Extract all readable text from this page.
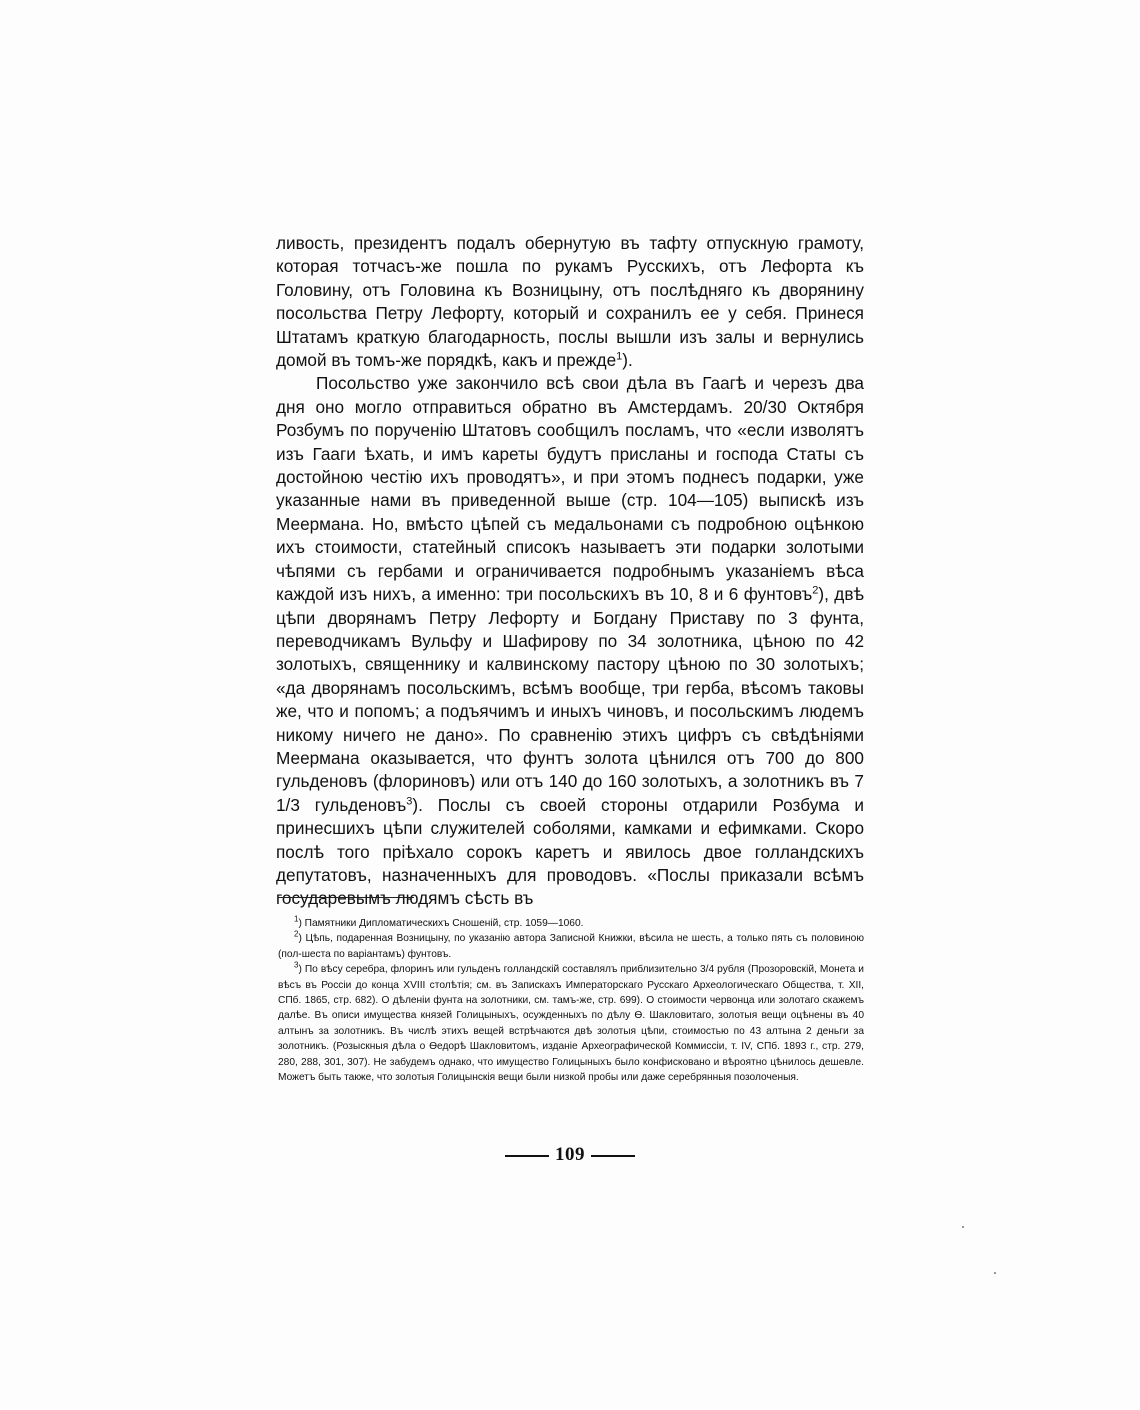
ливость, президентъ подалъ обернутую въ тафту отпускную грамоту, которая тотчасъ-же пошла по рукамъ Русскихъ, отъ Лефорта къ Головину, отъ Головина къ Возницыну, отъ послѣдняго къ дворянину посольства Петру Лефорту, который и сохранилъ ее у себя. Принеся Штатамъ краткую благодарность, послы вышли изъ залы и вернулись домой въ томъ-же порядкѣ, какъ и прежде$^1$).

Посольство уже закончило всѣ свои дѣла въ Гаагѣ и черезъ два дня оно могло отправиться обратно въ Амстердамъ. 20/30 Октября Розбумъ по порученію Штатовъ сообщилъ посламъ, что «если изволятъ изъ Гааги ѣхать, и имъ кареты будутъ присланы и господа Статы съ достойною честію ихъ проводятъ», и при этомъ поднесъ подарки, уже указанные нами въ приведенной выше (стр. 104—105) выпискѣ изъ Меермана. Но, вмѣсто цѣпей съ медальонами съ подробною оцѣнкою ихъ стоимости, статейный списокъ называетъ эти подарки золотыми чѣпями съ гербами и ограничивается подробнымъ указаніемъ вѣса каждой изъ нихъ, а именно: три посольскихъ въ 10, 8 и 6 фунтовъ$^2$), двѣ цѣпи дворянамъ Петру Лефорту и Богдану Приставу по 3 фунта, переводчикамъ Вульфу и Шафирову по 34 золотника, цѣною по 42 золотыхъ, священнику и калвинскому пастору цѣною по 30 золотыхъ; «да дворянамъ посольскимъ, всѣмъ вообще, три герба, вѣсомъ таковы же, что и попомъ; а подъячимъ и иныхъ чиновъ, и посольскимъ людемъ никому ничего не дано». По сравненію этихъ цифръ съ свѣдѣніями Меермана оказывается, что фунтъ золота цѣнился отъ 700 до 800 гульденовъ (флориновъ) или отъ 140 до 160 золотыхъ, а золотникъ въ 7 1/3 гульденовъ$^3$). Послы съ своей стороны отдарили Розбума и принесшихъ цѣпи служителей соболями, камками и ефимками. Скоро послѣ того пріѣхало сорокъ каретъ и явилось двое голландскихъ депутатовъ, назначенныхъ для проводовъ. «Послы приказали всѣмъ государевымъ людямъ сѣсть въ

$^1$) Памятники Дипломатическихъ Сношеній, стр. 1059—1060.

$^2$) Цѣпь, подаренная Возницыну, по указанію автора Записной Книжки, вѣсила не шесть, а только пять съ половиною (пол-шеста по варіантамъ) фунтовъ.

$^3$) По вѣсу серебра, флоринъ или гульденъ голландскій составлялъ приблизительно 3/4 рубля (Прозоровскій, Монета и вѣсъ въ Россіи до конца XVIII столѣтія; см. въ Запискахъ Императорскаго Русскаго Археологическаго Общества, т. XII, СПб. 1865, стр. 682). О дѣленіи фунта на золотники, см. тамъ-же, стр. 699). О стоимости червонца или золотаго скажемъ далѣе. Въ описи имущества князей Голицыныхъ, осужденныхъ по дѣлу Ѳ. Шакловитаго, золотыя вещи оцѣнены въ 40 алтынъ за золотникъ. Въ числѣ этихъ вещей встрѣчаются двѣ золотыя цѣпи, стоимостью по 43 алтына 2 деньги за золотникъ. (Розыскныя дѣла о Ѳедорѣ Шакловитомъ, изданіе Археографической Коммиссіи, т. IV, СПб. 1893 г., стр. 279, 280, 288, 301, 307). Не забудемъ однако, что имущество Голицыныхъ было конфисковано и вѣроятно цѣнилось дешевле. Можетъ быть также, что золотыя Голицынскія вещи были низкой пробы или даже серебрянныя позолоченыя.

109
